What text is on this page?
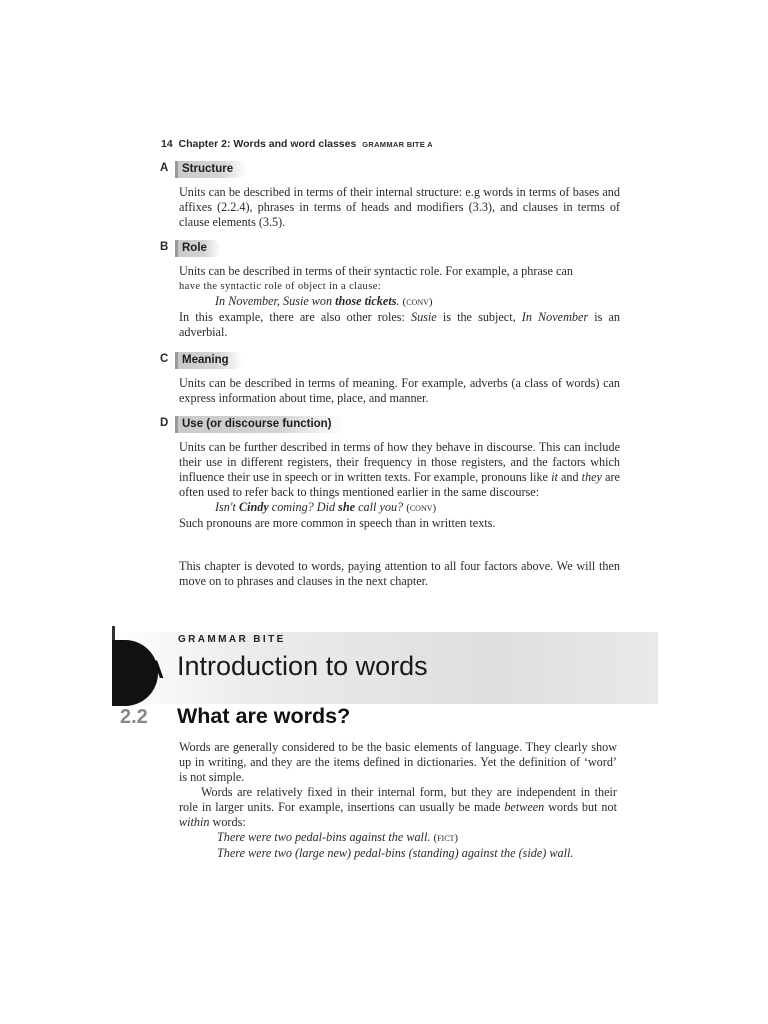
14 Chapter 2: Words and word classes GRAMMAR BITE A
A	Structure

Units can be described in terms of their internal structure: e.g words in terms of bases and affixes (2.2.4), phrases in terms of heads and modifiers (3.3), and clauses in terms of clause elements (3.5).

B	Role

Units can be described in terms of their syntactic role. For example, a phrase can

have the syntactic role of object in a clause:

In November, Susie won those tickets. (conv)

In this example, there are also other roles: Susie is the subject, In November is an adverbial.

C	Meaning

Units can be described in terms of meaning. For example, adverbs (a class of words) can express information about time, place, and manner.

D	Use (or discourse function)

Units can be further described in terms of how they behave in discourse. This can include their use in different registers, their frequency in those registers, and the factors which influence their use in speech or in written texts. For example, pronouns like it and they are often used to refer back to things mentioned earlier in the same discourse:

Isn't Cindy coming? Did she call you? (conv)

Such pronouns are more common in speech than in written texts.

This chapter is devoted to words, paying attention to all four factors above. We will then move on to phrases and clauses in the next chapter.

GRAMMAR BITE
A Introduction to words
2.2 What are words?

Words are generally considered to be the basic elements of language. They clearly show up in writing, and they are the items defined in dictionaries. Yet the definition of ‘word’ is not simple.

Words are relatively fixed in their internal form, but they are independent in their role in larger units. For example, insertions can usually be made between words but not within words:

There were two pedal-bins against the wall. (fict)

There were two (large new) pedal-bins (standing) against the (side) wall.
